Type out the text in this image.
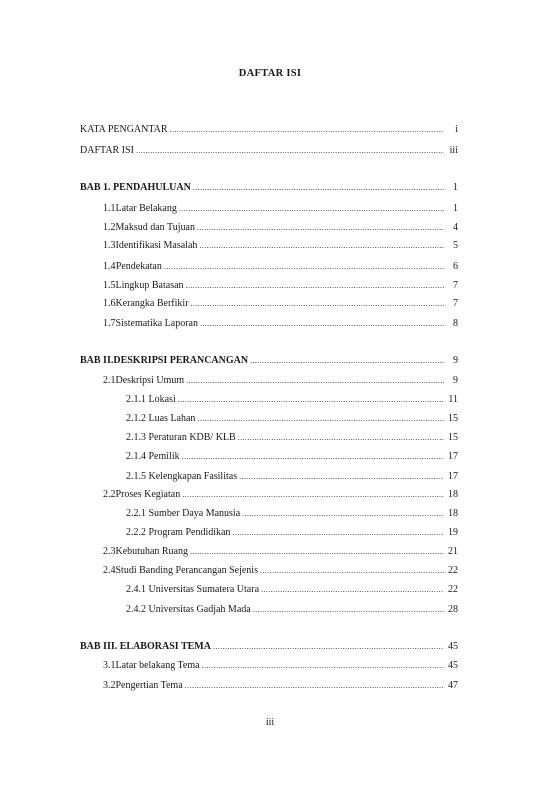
DAFTAR ISI
KATA PENGANTAR .....	i
DAFTAR ISI .....	iii
BAB 1. PENDAHULUAN .....	1
1.1 Latar Belakang .....	1
1.2 Maksud dan Tujuan .....	4
1.3 Identifikasi Masalah .....	5
1.4 Pendekatan .....	6
1.5 Lingkup Batasan .....	7
1.6 Kerangka Berfikir .....	7
1.7 Sistematika Laporan .....	8
BAB II.DESKRIPSI PERANCANGAN .....	9
2.1 Deskripsi Umum .....	9
2.1.1 Lokasi .....	11
2.1.2 Luas Lahan .....	15
2.1.3 Peraturan KDB/ KLB .....	15
2.1.4 Pemilik .....	17
2.1.5 Kelengkapan Fasilitas .....	17
2.2 Proses Kegiatan .....	18
2.2.1 Sumber Daya Manusia .....	18
2.2.2 Program Pendidikan .....	19
2.3 Kebutuhan Ruang .....	21
2.4 Studi Banding Perancangan Sejenis .....	22
2.4.1 Universitas Sumatera Utara .....	22
2.4.2 Universitas Gadjah Mada .....	28
BAB III. ELABORASI TEMA .....	45
3.1 Latar belakang Tema .....	45
3.2 Pengertian Tema .....	47
iii
